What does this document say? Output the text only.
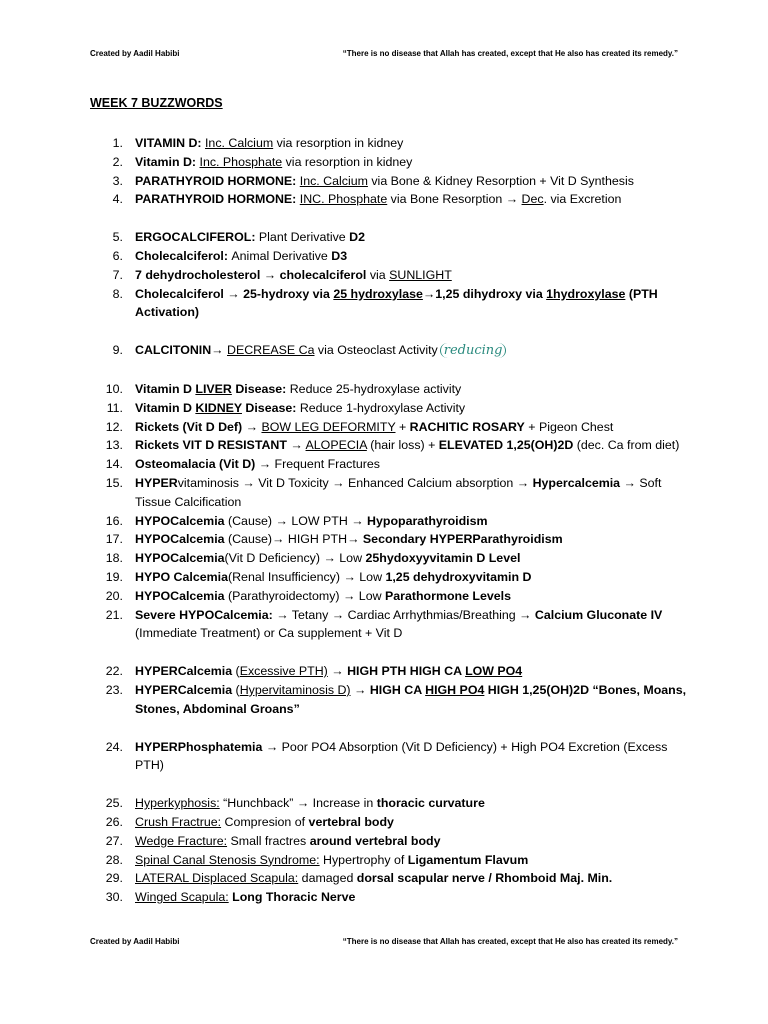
Created by Aadil Habibi	“There is no disease that Allah has created, except that He also has created its remedy.”
WEEK 7 BUZZWORDS
1. VITAMIN D: Inc. Calcium via resorption in kidney
2. Vitamin D: Inc. Phosphate via resorption in kidney
3. PARATHYROID HORMONE: Inc. Calcium via Bone & Kidney Resorption + Vit D Synthesis
4. PARATHYROID HORMONE: INC. Phosphate via Bone Resorption → Dec. via Excretion
5. ERGOCALCIFEROL: Plant Derivative D2
6. Cholecalciferol: Animal Derivative D3
7. 7 dehydrocholesterol → cholecalciferol via SUNLIGHT
8. Cholecalciferol → 25-hydroxy via 25 hydroxylase→1,25 dihydroxy via 1hydroxylase (PTH Activation)
9. CALCITONIN→ DECREASE Ca via Osteoclast Activity reducing
10. Vitamin D LIVER Disease: Reduce 25-hydroxylase activity
11. Vitamin D KIDNEY Disease: Reduce 1-hydroxylase Activity
12. Rickets (Vit D Def) → BOW LEG DEFORMITY + RACHITIC ROSARY + Pigeon Chest
13. Rickets VIT D RESISTANT → ALOPECIA (hair loss) + ELEVATED 1,25(OH)2D (dec. Ca from diet)
14. Osteomalacia (Vit D) → Frequent Fractures
15. HYPERvitaminosis → Vit D Toxicity → Enhanced Calcium absorption → Hypercalcemia → Soft Tissue Calcification
16. HYPOCalcemia (Cause) → LOW PTH → Hypoparathyroidism
17. HYPOCalcemia (Cause)→ HIGH PTH→ Secondary HYPERParathyroidism
18. HYPOCalcemia(Vit D Deficiency) → Low 25hydoxyyvitamin D Level
19. HYPO Calcemia(Renal Insufficiency) → Low 1,25 dehydroxyvitamin D
20. HYPOCalcemia (Parathyroidectomy) → Low Parathormone Levels
21. Severe HYPOCalcemia: → Tetany → Cardiac Arrhythmias/Breathing → Calcium Gluconate IV (Immediate Treatment) or Ca supplement + Vit D
22. HYPERCalcemia (Excessive PTH) → HIGH PTH HIGH CA LOW PO4
23. HYPERCalcemia (Hypervitaminosis D) → HIGH CA HIGH PO4 HIGH 1,25(OH)2D “Bones, Moans, Stones, Abdominal Groans”
24. HYPERPhosphatemia → Poor PO4 Absorption (Vit D Deficiency) + High PO4 Excretion (Excess PTH)
25. Hyperkyphosis: “Hunchback” → Increase in thoracic curvature
26. Crush Fractrue: Compresion of vertebral body
27. Wedge Fracture: Small fractres around vertebral body
28. Spinal Canal Stenosis Syndrome: Hypertrophy of Ligamentum Flavum
29. LATERAL Displaced Scapula: damaged dorsal scapular nerve / Rhomboid Maj. Min.
30. Winged Scapula: Long Thoracic Nerve
Created by Aadil Habibi	“There is no disease that Allah has created, except that He also has created its remedy.”
